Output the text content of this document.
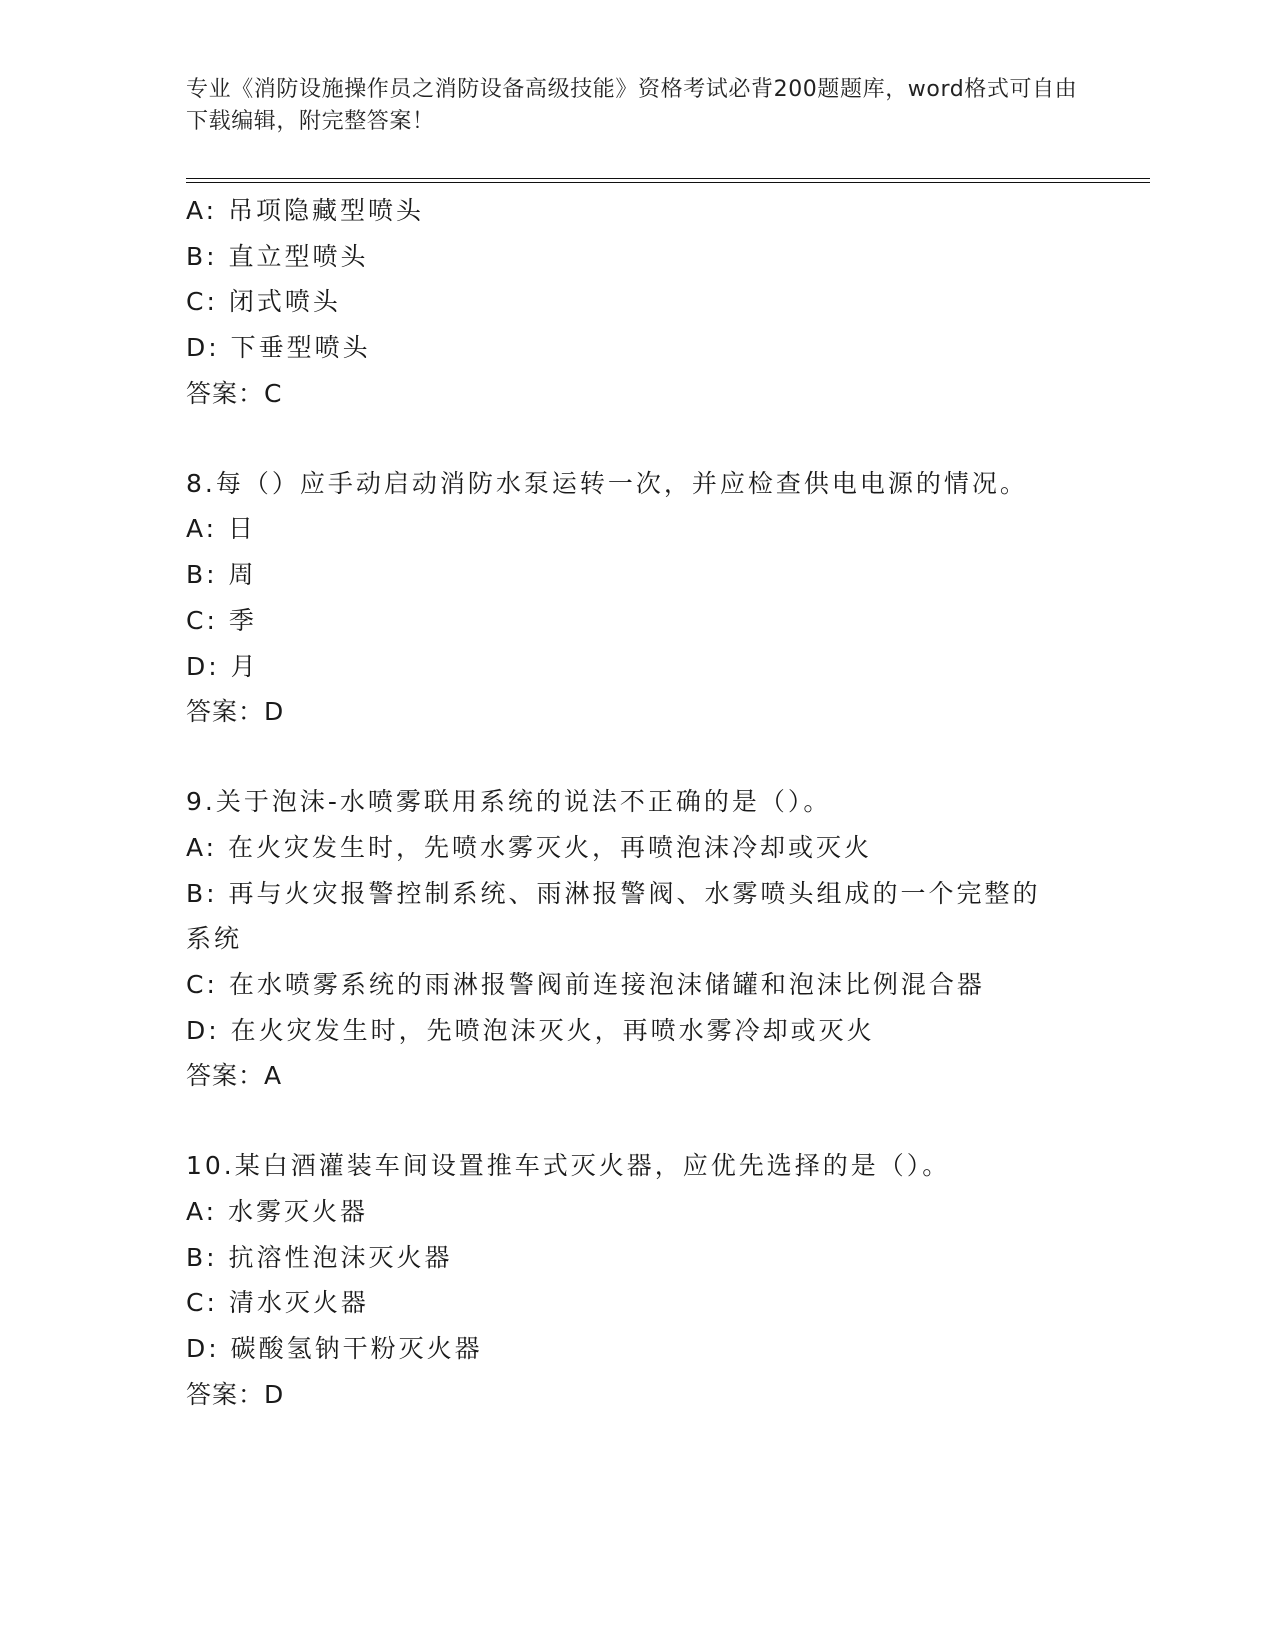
专业《消防设施操作员之消防设备高级技能》资格考试必背200题题库，word格式可自由下载编辑，附完整答案！
A: 吊项隐藏型喷头
B: 直立型喷头
C: 闭式喷头
D: 下垂型喷头
答案：C
8.每（）应手动启动消防水泵运转一次，并应检查供电电源的情况。
A: 日
B: 周
C: 季
D: 月
答案：D
9.关于泡沫-水喷雾联用系统的说法不正确的是（）。
A: 在火灾发生时，先喷水雾灭火，再喷泡沫冷却或灭火
B: 再与火灾报警控制系统、雨淋报警阀、水雾喷头组成的一个完整的系统
C: 在水喷雾系统的雨淋报警阀前连接泡沫储罐和泡沫比例混合器
D: 在火灾发生时，先喷泡沫灭火，再喷水雾冷却或灭火
答案：A
10.某白酒灌装车间设置推车式灭火器，应优先选择的是（）。
A: 水雾灭火器
B: 抗溶性泡沫灭火器
C: 清水灭火器
D: 碳酸氢钠干粉灭火器
答案：D
